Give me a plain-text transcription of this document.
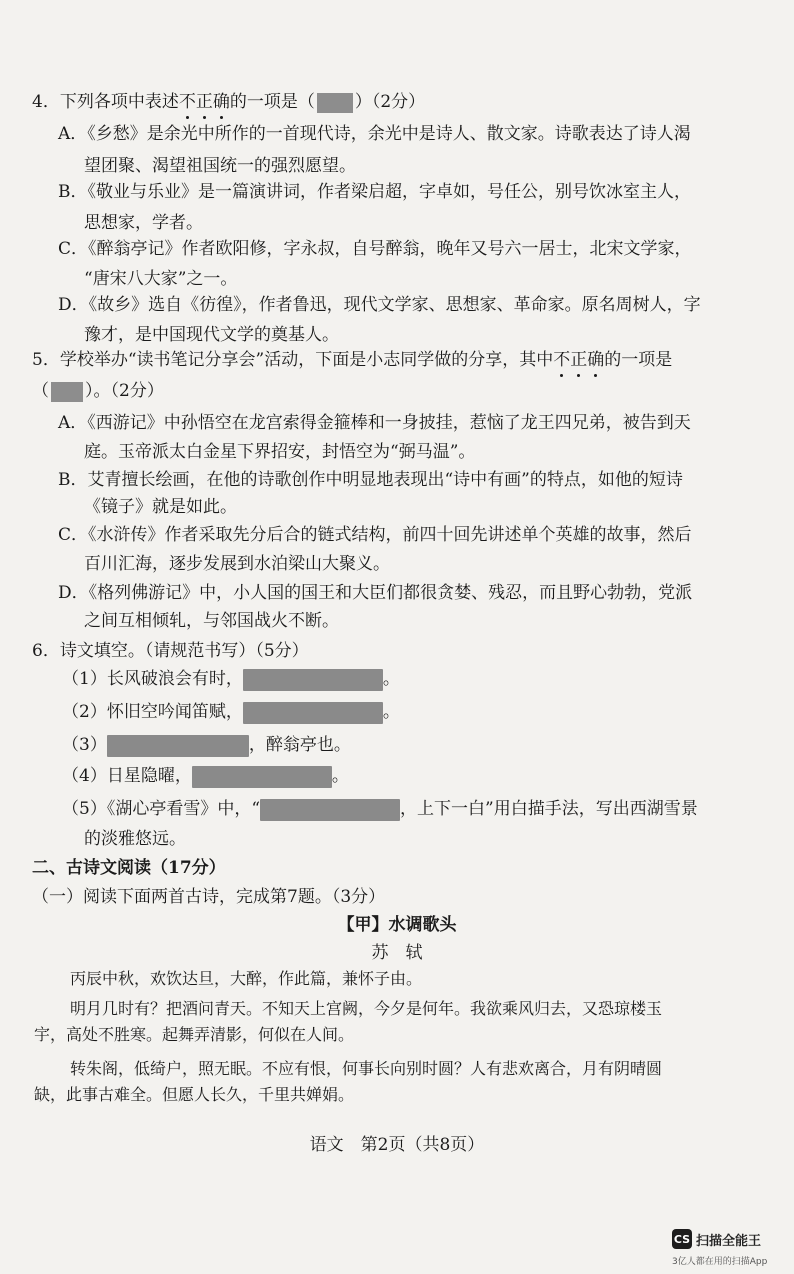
4．下列各项中表述不正确的一项是（ ）（2分）
A．《乡愁》是余光中所作的一首现代诗，余光中是诗人、散文家。诗歌表达了诗人渴
望团聚、渴望祖国统一的强烈愿望。
B．《敬业与乐业》是一篇演讲词，作者梁启超，字卓如，号任公，别号饮冰室主人，
思想家，学者。
C．《醉翁亭记》作者欧阳修，字永叔，自号醉翁，晚年又号六一居士，北宋文学家，
“唐宋八大家”之一。
D．《故乡》选自《彷徨》，作者鲁迅，现代文学家、思想家、革命家。原名周树人，字
豫才，是中国现代文学的奠基人。
5．学校举办“读书笔记分享会”活动，下面是小志同学做的分享，其中不正确的一项是
（ ）。（2分）
A．《西游记》中孙悟空在龙宫索得金箍棒和一身披挂，惹恼了龙王四兄弟，被告到天
庭。玉帝派太白金星下界招安，封悟空为“弼马温”。
B．艾青擅长绘画，在他的诗歌创作中明显地表现出“诗中有画”的特点，如他的短诗
《镜子》就是如此。
C．《水浒传》作者采取先分后合的链式结构，前四十回先讲述单个英雄的故事，然后
百川汇海，逐步发展到水泊梁山大聚义。
D．《格列佛游记》中，小人国的国王和大臣们都很贪婪、残忍，而且野心勃勃，党派
之间互相倾轧，与邻国战火不断。
6．诗文填空。（请规范书写）（5分）
（1）长风破浪会有时，	。
（2）怀旧空吟闻笛赋，	。
（3）	，醉翁亭也。
（4）日星隐曜，	。
（5）《湖心亭看雪》中，“	，上下一白”用白描手法，写出西湖雪景
的淡雅悠远。
二、古诗文阅读（17分）
（一）阅读下面两首古诗，完成第7题。（3分）
【甲】水调歌头
苏　轼
丙辰中秋，欢饮达旦，大醉，作此篇，兼怀子由。
明月几时有？把酒问青天。不知天上宫阙，今夕是何年。我欲乘风归去，又恐琼楼玉
宇，高处不胜寒。起舞弄清影，何似在人间。
转朱阁，低绮户，照无眠。不应有恨，何事长向别时圆？人有悲欢离合，月有阴晴圆
缺，此事古难全。但愿人长久，千里共婵娟。
语文　第2页（共8页）
CS 扫描全能王
3亿人都在用的扫描App
